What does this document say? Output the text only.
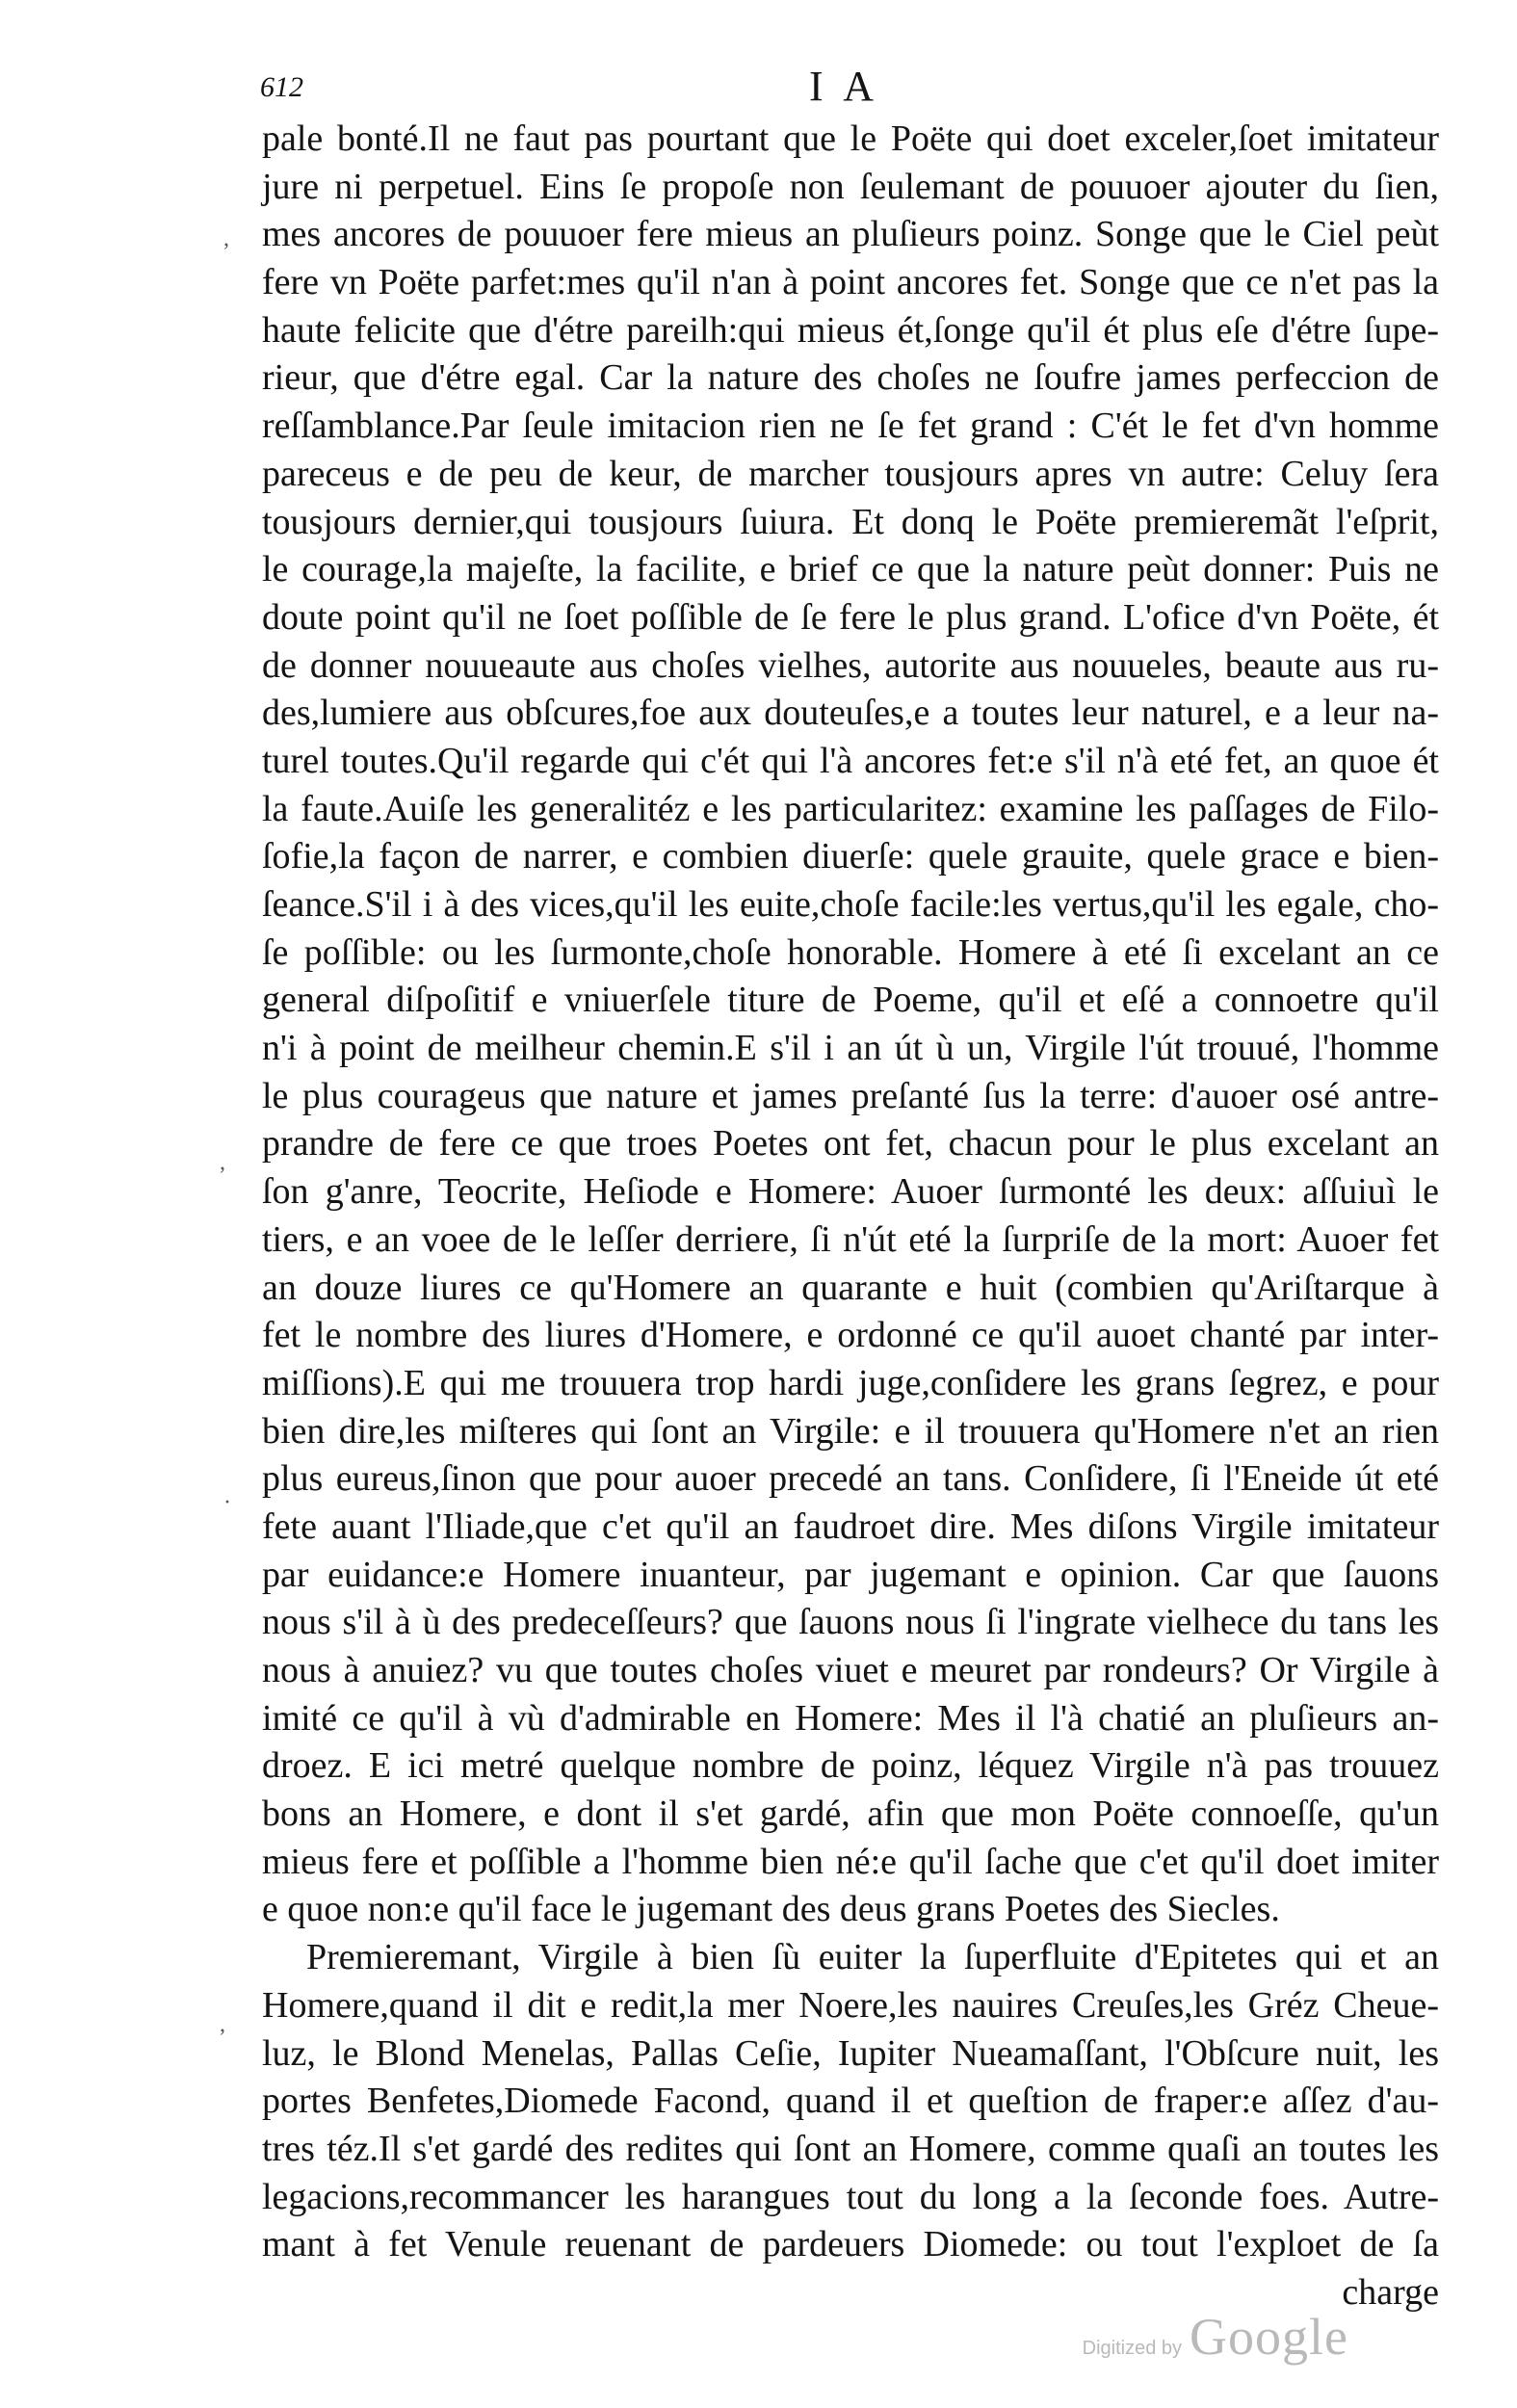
612	I A
,
,
·
,
pale bonté.Il ne faut pas pourtant que le Poëte qui doet exceler,ſoet imitateur
jure ni perpetuel. Eins ſe propoſe non ſeulemant de pouuoer ajouter du ſien,
mes ancores de pouuoer fere mieus an pluſieurs poinz. Songe que le Ciel peùt
fere vn Poëte parfet:mes qu'il n'an à point ancores fet. Songe que ce n'et pas la
haute felicite que d'étre pareilh:qui mieus ét,ſonge qu'il ét plus eſe d'étre ſupe-
rieur, que d'étre egal. Car la nature des choſes ne ſoufre james perfeccion de
reſſamblance.Par ſeule imitacion rien ne ſe fet grand : C'ét le fet d'vn homme
pareceus e de peu de keur, de marcher tousjours apres vn autre: Celuy ſera
tousjours dernier,qui tousjours ſuiura. Et donq le Poëte premieremãt l'eſprit,
le courage,la majeſte, la facilite, e brief ce que la nature peùt donner: Puis ne
doute point qu'il ne ſoet poſſible de ſe fere le plus grand. L'ofice d'vn Poëte, ét
de donner nouueaute aus choſes vielhes, autorite aus nouueles, beaute aus ru-
des,lumiere aus obſcures,foe aux douteuſes,e a toutes leur naturel, e a leur na-
turel toutes.Qu'il regarde qui c'ét qui l'à ancores fet:e s'il n'à eté fet, an quoe ét
la faute.Auiſe les generalitéz e les particularitez: examine les paſſages de Filo-
ſofie,la façon de narrer, e combien diuerſe: quele grauite, quele grace e bien-
ſeance.S'il i à des vices,qu'il les euite,choſe facile:les vertus,qu'il les egale, cho-
ſe poſſible: ou les ſurmonte,choſe honorable. Homere à eté ſi excelant an ce
general diſpoſitif e vniuerſele titure de Poeme, qu'il et eſé a connoetre qu'il
n'i à point de meilheur chemin.E s'il i an út ù un, Virgile l'út trouué, l'homme
le plus courageus que nature et james preſanté ſus la terre: d'auoer osé antre-
prandre de fere ce que troes Poetes ont fet, chacun pour le plus excelant an
ſon g'anre, Teocrite, Heſiode e Homere: Auoer ſurmonté les deux: aſſuiuì le
tiers, e an voee de le leſſer derriere, ſi n'út eté la ſurpriſe de la mort: Auoer fet
an douze liures ce qu'Homere an quarante e huit (combien qu'Ariſtarque à
fet le nombre des liures d'Homere, e ordonné ce qu'il auoet chanté par inter-
miſſions).E qui me trouuera trop hardi juge,conſidere les grans ſegrez, e pour
bien dire,les miſteres qui ſont an Virgile: e il trouuera qu'Homere n'et an rien
plus eureus,ſinon que pour auoer precedé an tans. Conſidere, ſi l'Eneide út eté
fete auant l'Iliade,que c'et qu'il an faudroet dire. Mes diſons Virgile imitateur
par euidance:e Homere inuanteur, par jugemant e opinion. Car que ſauons
nous s'il à ù des predeceſſeurs? que ſauons nous ſi l'ingrate vielhece du tans les
nous à anuiez? vu que toutes choſes viuet e meuret par rondeurs? Or Virgile à
imité ce qu'il à vù d'admirable en Homere: Mes il l'à chatié an pluſieurs an-
droez. E ici metré quelque nombre de poinz, léquez Virgile n'à pas trouuez
bons an Homere, e dont il s'et gardé, afin que mon Poëte connoeſſe, qu'un
mieus fere et poſſible a l'homme bien né:e qu'il ſache que c'et qu'il doet imiter
e quoe non:e qu'il face le jugemant des deus grans Poetes des Siecles.
Premieremant, Virgile à bien ſù euiter la ſuperfluite d'Epitetes qui et an
Homere,quand il dit e redit,la mer Noere,les nauires Creuſes,les Gréz Cheue-
luz, le Blond Menelas, Pallas Ceſie, Iupiter Nueamaſſant, l'Obſcure nuit, les
portes Benfetes,Diomede Facond, quand il et queſtion de fraper:e aſſez d'au-
tres téz.Il s'et gardé des redites qui ſont an Homere, comme quaſi an toutes les
legacions,recommancer les harangues tout du long a la ſeconde foes. Autre-
mant à fet Venule reuenant de pardeuers Diomede: ou tout l'exploet de ſa
charge
Digitized by Google
